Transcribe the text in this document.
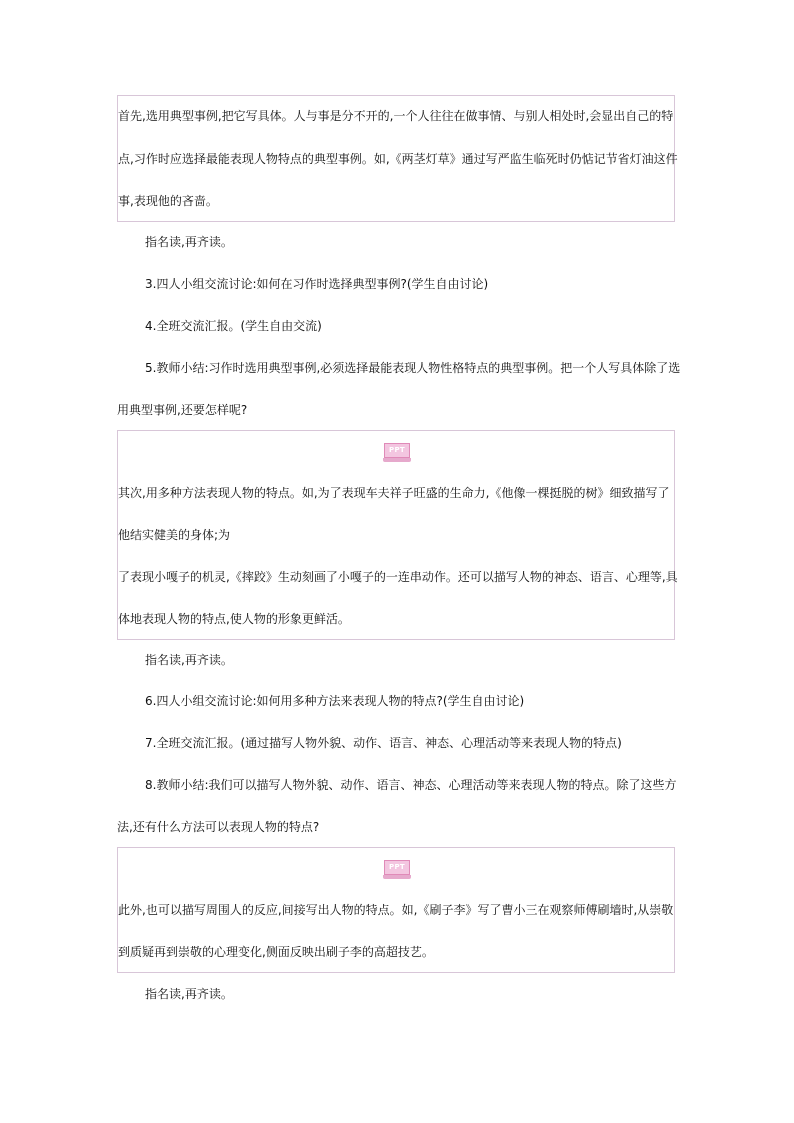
首先,选用典型事例,把它写具体。人与事是分不开的,一个人往往在做事情、与别人相处时,会显出自己的特
点,习作时应选择最能表现人物特点的典型事例。如,《两茎灯草》通过写严监生临死时仍惦记节省灯油这件
事,表现他的吝啬。

指名读,再齐读。

3.四人小组交流讨论:如何在习作时选择典型事例?(学生自由讨论)

4.全班交流汇报。(学生自由交流)

5.教师小结:习作时选用典型事例,必须选择最能表现人物性格特点的典型事例。把一个人写具体除了选

用典型事例,还要怎样呢?

PPT
其次,用多种方法表现人物的特点。如,为了表现车夫祥子旺盛的生命力,《他像一棵挺脱的树》细致描写了
他结实健美的身体;为
了表现小嘎子的机灵,《摔跤》生动刻画了小嘎子的一连串动作。还可以描写人物的神态、语言、心理等,具
体地表现人物的特点,使人物的形象更鲜活。

指名读,再齐读。

6.四人小组交流讨论:如何用多种方法来表现人物的特点?(学生自由讨论)

7.全班交流汇报。(通过描写人物外貌、动作、语言、神态、心理活动等来表现人物的特点)

8.教师小结:我们可以描写人物外貌、动作、语言、神态、心理活动等来表现人物的特点。除了这些方

法,还有什么方法可以表现人物的特点?

PPT
此外,也可以描写周围人的反应,间接写出人物的特点。如,《刷子李》写了曹小三在观察师傅刷墙时,从崇敬
到质疑再到崇敬的心理变化,侧面反映出刷子李的高超技艺。

指名读,再齐读。
